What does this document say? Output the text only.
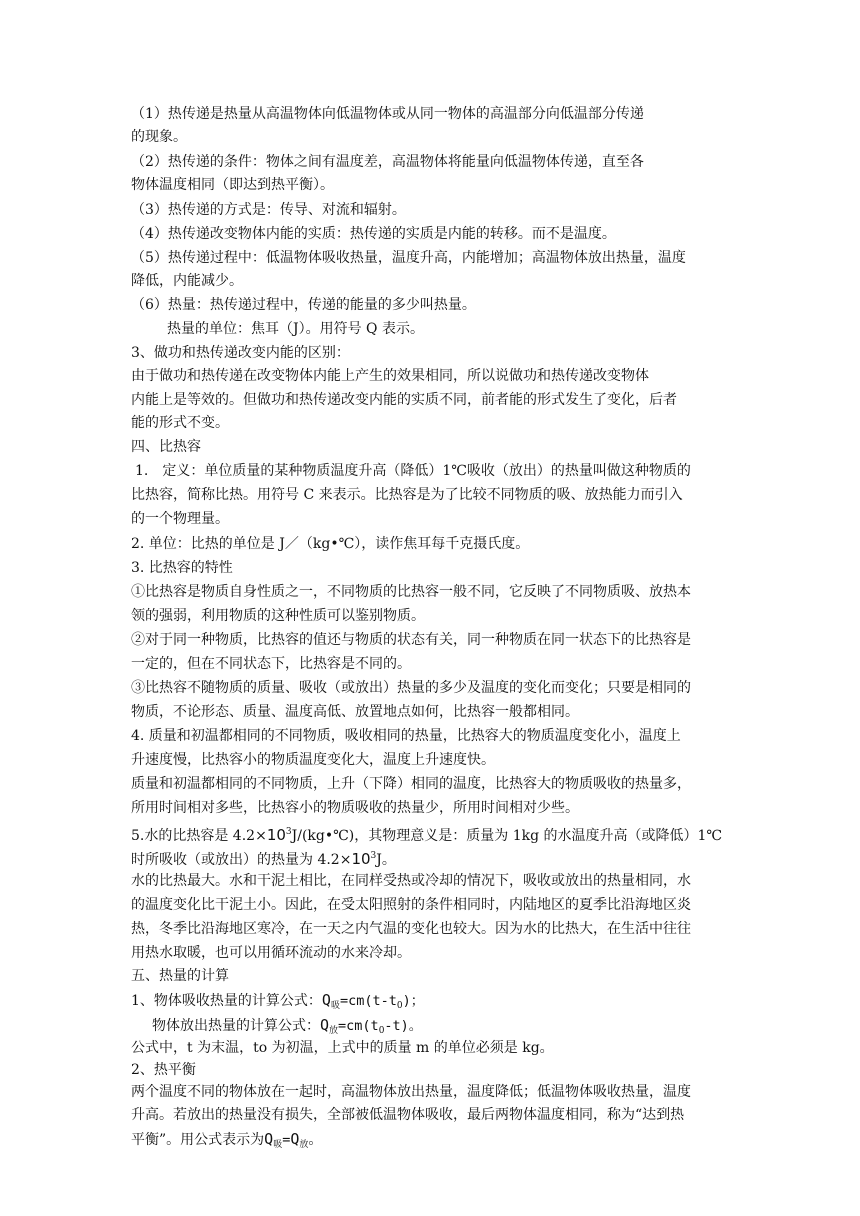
（1）热传递是热量从高温物体向低温物体或从同一物体的高温部分向低温部分传递
的现象。
（2）热传递的条件：物体之间有温度差，高温物体将能量向低温物体传递，直至各
物体温度相同（即达到热平衡）。
（3）热传递的方式是：传导、对流和辐射。
（4）热传递改变物体内能的实质：热传递的实质是内能的转移。而不是温度。
（5）热传递过程中：低温物体吸收热量，温度升高，内能增加；高温物体放出热量，温度
降低，内能减少。
（6）热量：热传递过程中，传递的能量的多少叫热量。
热量的单位：焦耳（J）。用符号 Q 表示。
3、做功和热传递改变内能的区别：
由于做功和热传递在改变物体内能上产生的效果相同，所以说做功和热传递改变物体
内能上是等效的。但做功和热传递改变内能的实质不同，前者能的形式发生了变化，后者
能的形式不变。
四、比热容
1.　定义：单位质量的某种物质温度升高（降低）1℃吸收（放出）的热量叫做这种物质的
比热容，简称比热。用符号 C 来表示。比热容是为了比较不同物质的吸、放热能力而引入
的一个物理量。
2. 单位：比热的单位是 J／（kg•℃），读作焦耳每千克摄氏度。
3. 比热容的特性
①比热容是物质自身性质之一，不同物质的比热容一般不同，它反映了不同物质吸、放热本
领的强弱，利用物质的这种性质可以鉴别物质。
②对于同一种物质，比热容的值还与物质的状态有关，同一种物质在同一状态下的比热容是
一定的，但在不同状态下，比热容是不同的。
③比热容不随物质的质量、吸收（或放出）热量的多少及温度的变化而变化；只要是相同的
物质，不论形态、质量、温度高低、放置地点如何，比热容一般都相同。
4. 质量和初温都相同的不同物质，吸收相同的热量，比热容大的物质温度变化小，温度上
升速度慢，比热容小的物质温度变化大，温度上升速度快。
质量和初温都相同的不同物质，上升（下降）相同的温度，比热容大的物质吸收的热量多，
所用时间相对多些，比热容小的物质吸收的热量少，所用时间相对少些。
5.水的比热容是 $4.2\times 10^3J/(kg•℃)$，其物理意义是：质量为 1kg 的水温度升高（或降低）1℃
时所吸收（或放出）的热量为 $4.2\times 10^3J$。
水的比热最大。水和干泥土相比，在同样受热或冷却的情况下，吸收或放出的热量相同，水
的温度变化比干泥土小。因此，在受太阳照射的条件相同时，内陆地区的夏季比沿海地区炎
热，冬季比沿海地区寒冷，在一天之内气温的变化也较大。因为水的比热大，在生活中往往
用热水取暖，也可以用循环流动的水来冷却。
五、热量的计算
1、物体吸收热量的计算公式：$Q_吸=cm(t-t_0)$；
物体放出热量的计算公式：$Q_放=cm(t_0-t)$。
公式中，t 为末温，to 为初温，上式中的质量 m 的单位必须是 kg。
2、热平衡
两个温度不同的物体放在一起时，高温物体放出热量，温度降低；低温物体吸收热量，温度
升高。若放出的热量没有损失，全部被低温物体吸收，最后两物体温度相同，称为“达到热
平衡”。用公式表示为$Q_吸=Q_放$。
